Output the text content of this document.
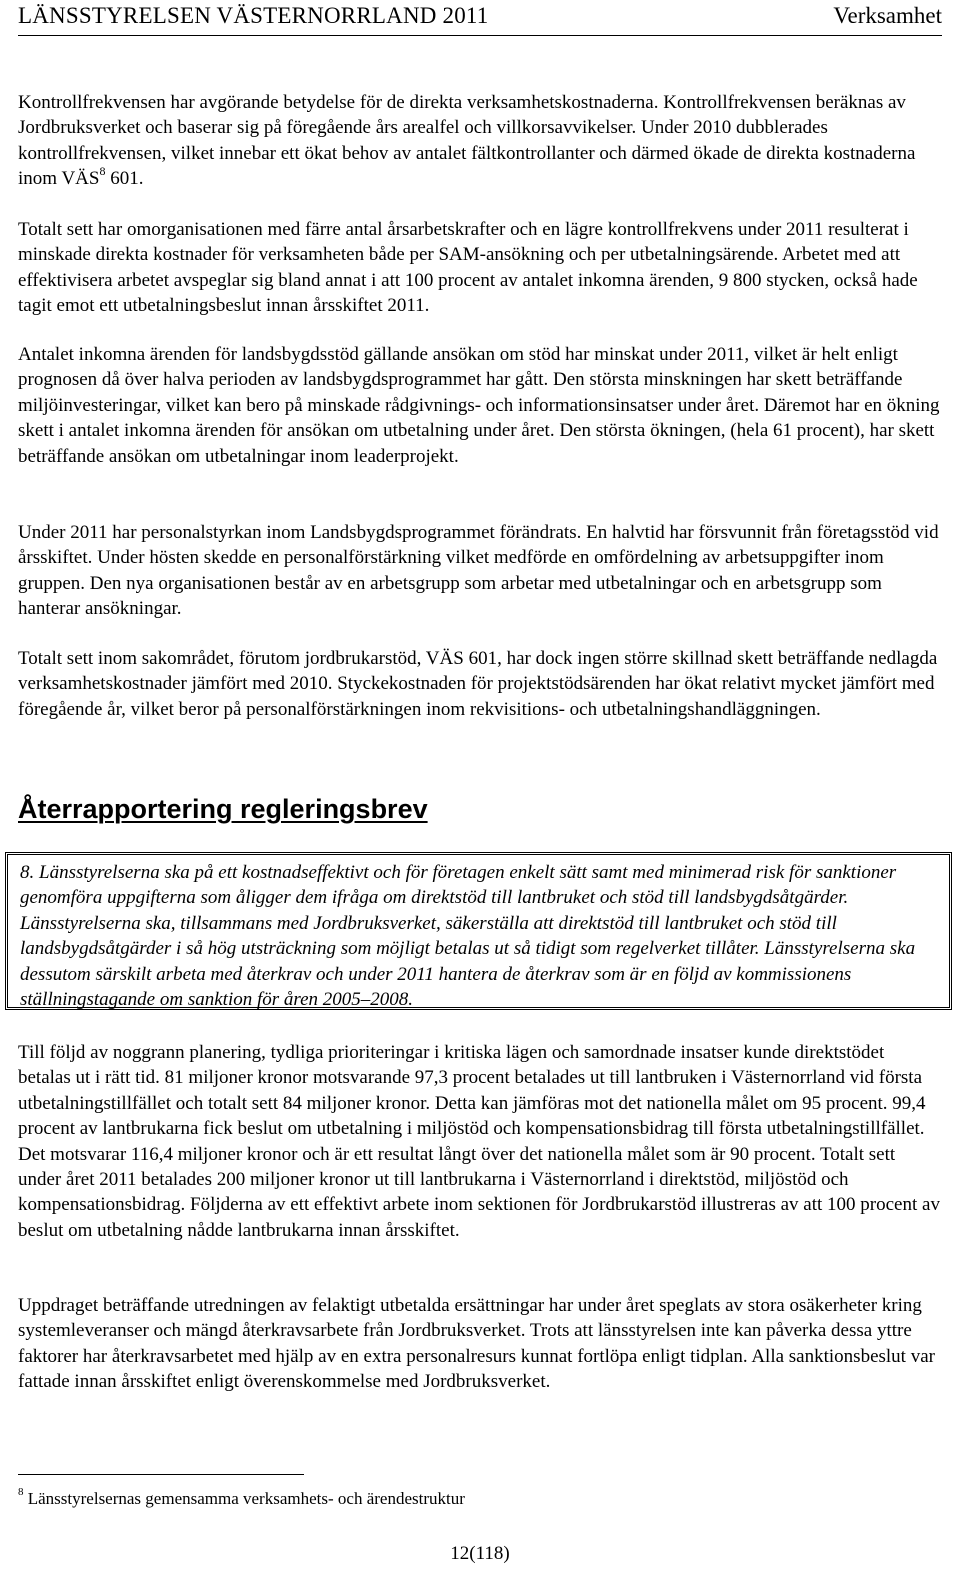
LÄNSSTYRELSEN VÄSTERNORRLAND 2011	Verksamhet

Kontrollfrekvensen har avgörande betydelse för de direkta verksamhetskostnaderna. Kontrollfrekvensen beräknas av Jordbruksverket och baserar sig på föregående års arealfel och villkorsavvikelser. Under 2010 dubblerades kontrollfrekvensen, vilket innebar ett ökat behov av antalet fältkontrollanter och därmed ökade de direkta kostnaderna inom VÄS$^8$ 601.

Totalt sett har omorganisationen med färre antal årsarbetskrafter och en lägre kontrollfrekvens under 2011 resulterat i minskade direkta kostnader för verksamheten både per SAM-ansökning och per utbetalningsärende. Arbetet med att effektivisera arbetet avspeglar sig bland annat i att 100 procent av antalet inkomna ärenden, 9 800 stycken, också hade tagit emot ett utbetalningsbeslut innan årsskiftet 2011.

Antalet inkomna ärenden för landsbygdsstöd gällande ansökan om stöd har minskat under 2011, vilket är helt enligt prognosen då över halva perioden av landsbygdsprogrammet har gått. Den största minskningen har skett beträffande miljöinvesteringar, vilket kan bero på minskade rådgivnings- och informationsinsatser under året. Däremot har en ökning skett i antalet inkomna ärenden för ansökan om utbetalning under året. Den största ökningen, (hela 61 procent), har skett beträffande ansökan om utbetalningar inom leaderprojekt.

Under 2011 har personalstyrkan inom Landsbygdsprogrammet förändrats. En halvtid har försvunnit från företagsstöd vid årsskiftet. Under hösten skedde en personalförstärkning vilket medförde en omfördelning av arbetsuppgifter inom gruppen. Den nya organisationen består av en arbetsgrupp som arbetar med utbetalningar och en arbetsgrupp som hanterar ansökningar.

Totalt sett inom sakområdet, förutom jordbrukarstöd, VÄS 601, har dock ingen större skillnad skett beträffande nedlagda verksamhetskostnader jämfört med 2010. Styckekostnaden för projektstödsärenden har ökat relativt mycket jämfört med föregående år, vilket beror på personalförstärkningen inom rekvisitions- och utbetalningshandläggningen.

Återrapportering regleringsbrev
8. Länsstyrelserna ska på ett kostnadseffektivt och för företagen enkelt sätt samt med minimerad risk för sanktioner genomföra uppgifterna som åligger dem ifråga om direktstöd till lantbruket och stöd till landsbygdsåtgärder. Länsstyrelserna ska, tillsammans med Jordbruksverket, säkerställa att direktstöd till lantbruket och stöd till landsbygdsåtgärder i så hög utsträckning som möjligt betalas ut så tidigt som regelverket tillåter. Länsstyrelserna ska dessutom särskilt arbeta med återkrav och under 2011 hantera de återkrav som är en följd av kommissionens ställningstagande om sanktion för åren 2005–2008.

Till följd av noggrann planering, tydliga prioriteringar i kritiska lägen och samordnade insatser kunde direktstödet betalas ut i rätt tid. 81 miljoner kronor motsvarande 97,3 procent betalades ut till lantbruken i Västernorrland vid första utbetalningstillfället och totalt sett 84 miljoner kronor. Detta kan jämföras mot det nationella målet om 95 procent. 99,4 procent av lantbrukarna fick beslut om utbetalning i miljöstöd och kompensationsbidrag till första utbetalningstillfället. Det motsvarar 116,4 miljoner kronor och är ett resultat långt över det nationella målet som är 90 procent. Totalt sett under året 2011 betalades 200 miljoner kronor ut till lantbrukarna i Västernorrland i direktstöd, miljöstöd och kompensationsbidrag. Följderna av ett effektivt arbete inom sektionen för Jordbrukarstöd illustreras av att 100 procent av beslut om utbetalning nådde lantbrukarna innan årsskiftet.

Uppdraget beträffande utredningen av felaktigt utbetalda ersättningar har under året speglats av stora osäkerheter kring systemleveranser och mängd återkravsarbete från Jordbruksverket. Trots att länsstyrelsen inte kan påverka dessa yttre faktorer har återkravsarbetet med hjälp av en extra personalresurs kunnat fortlöpa enligt tidplan. Alla sanktionsbeslut var fattade innan årsskiftet enligt överenskommelse med Jordbruksverket.

$^8$ Länsstyrelsernas gemensamma verksamhets- och ärendestruktur
12(118)
